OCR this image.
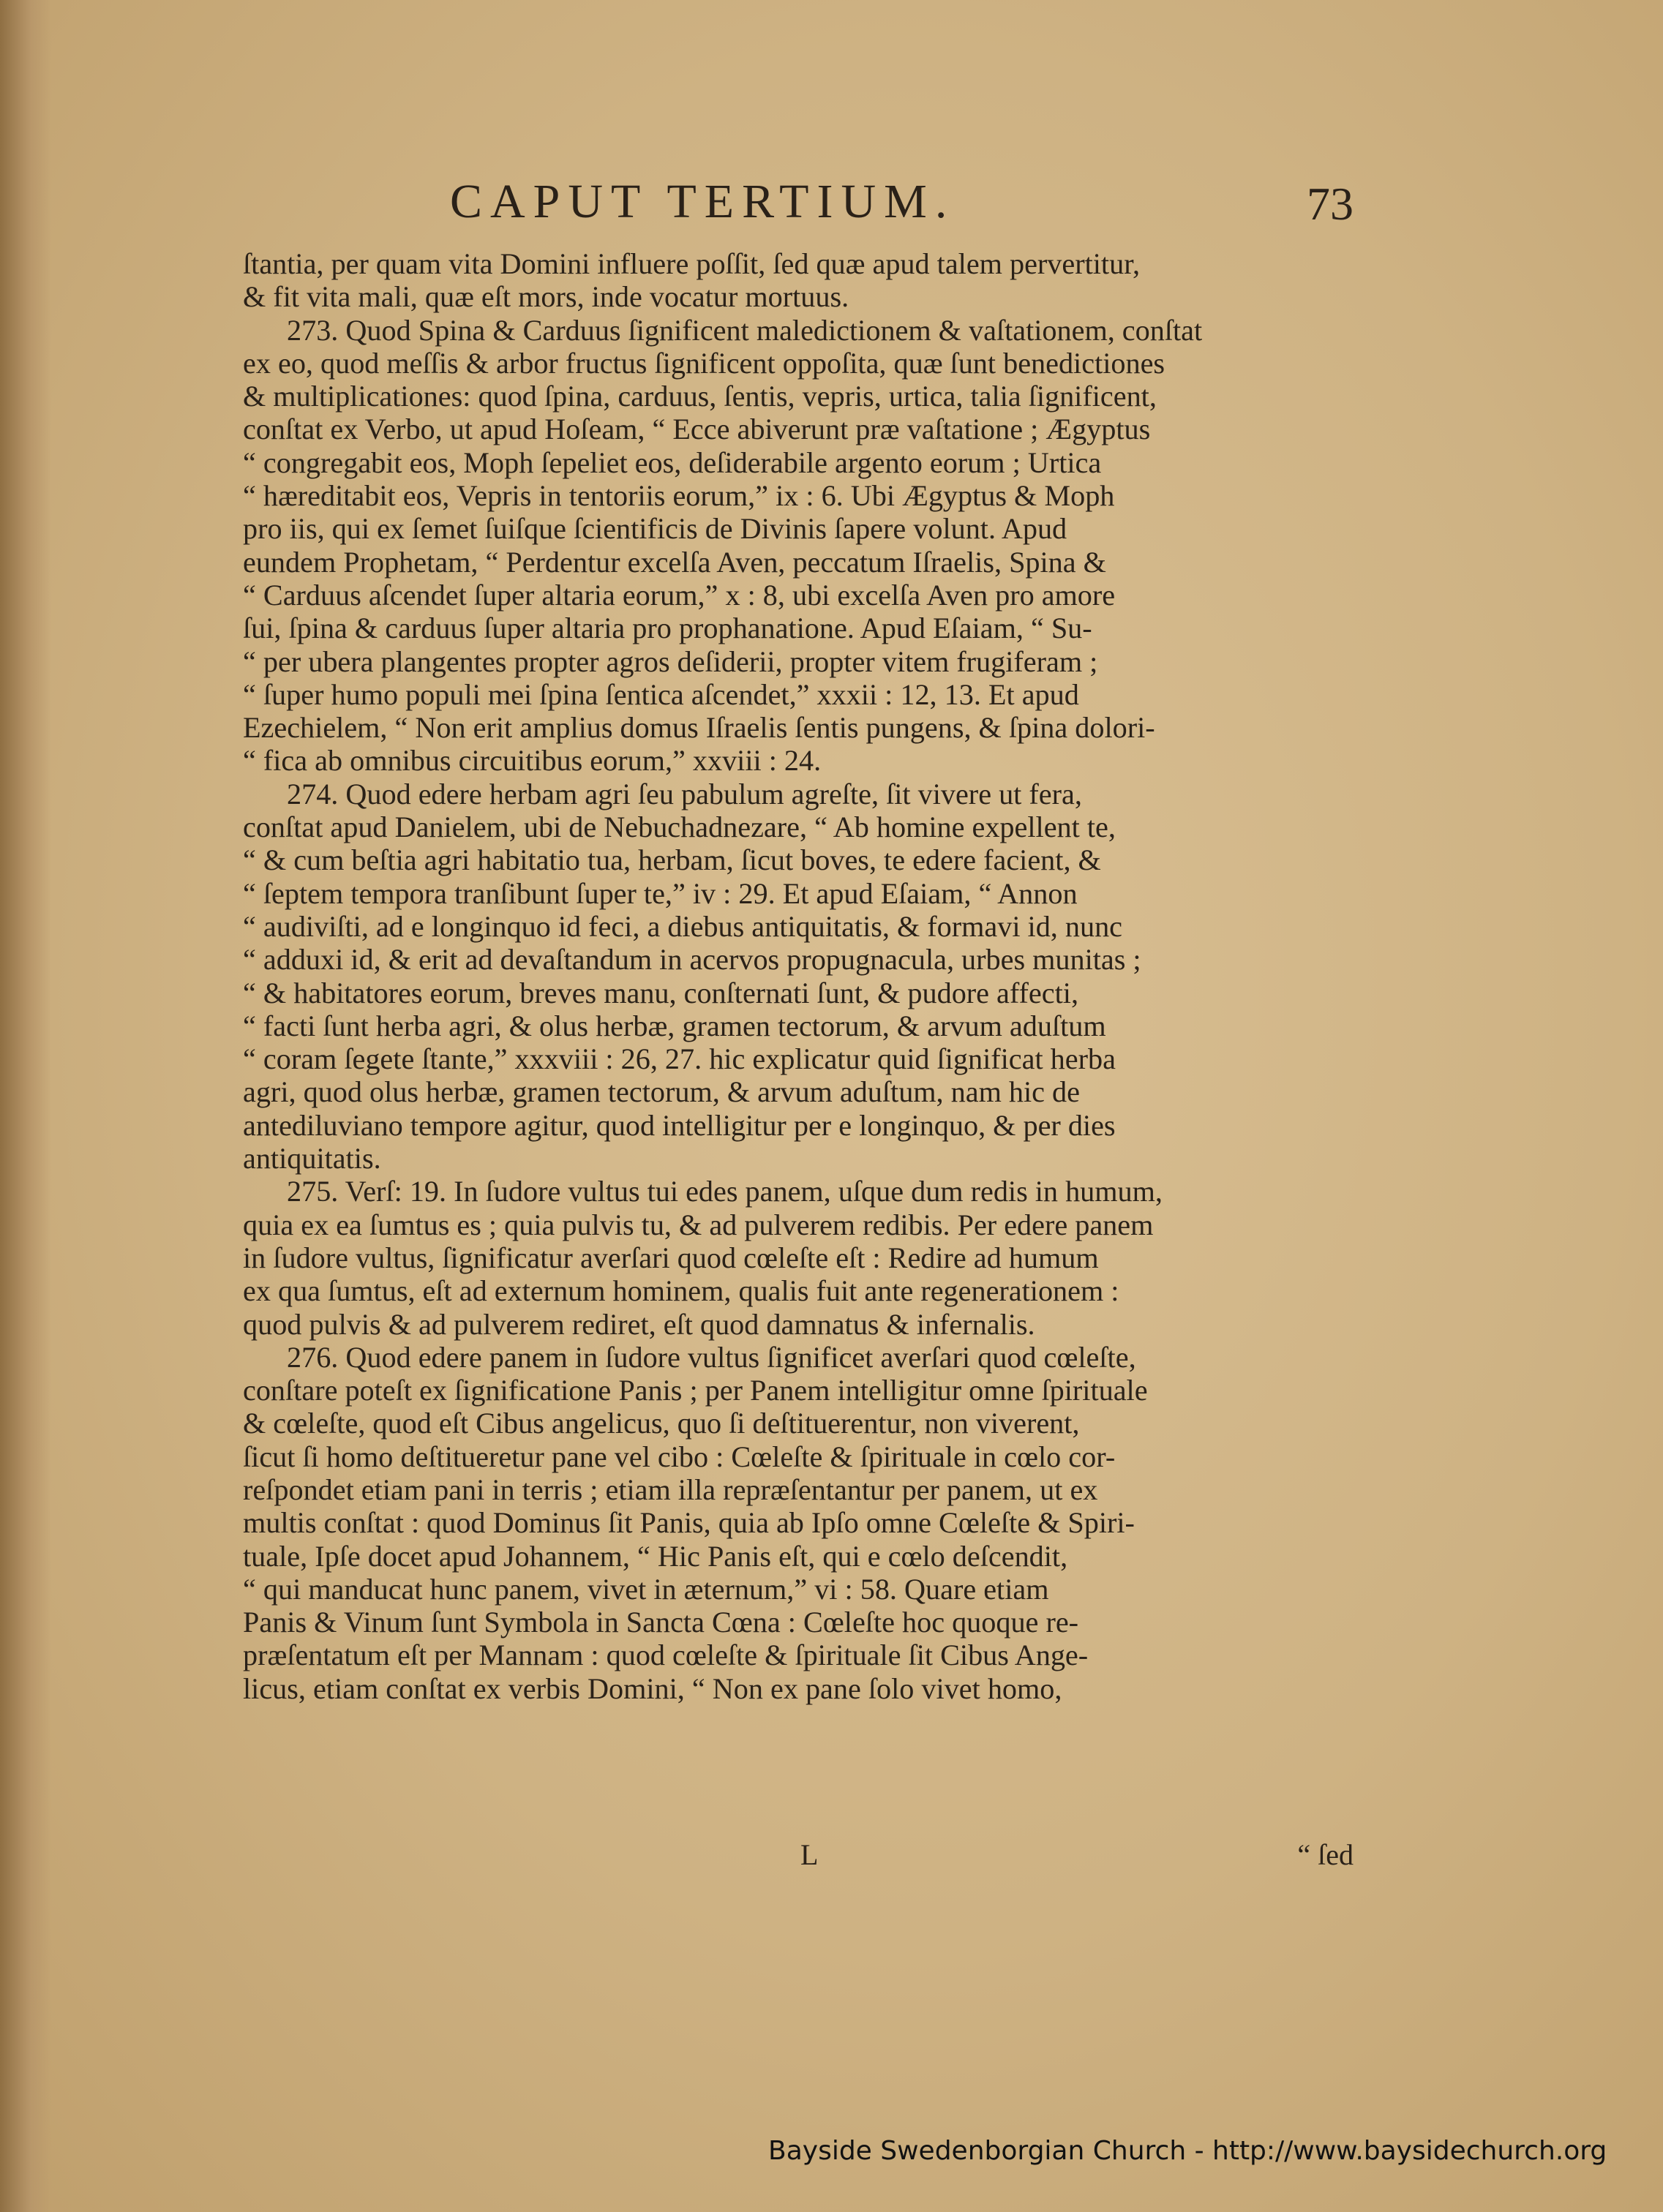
CAPUT TERTIUM.	73
ſtantia, per quam vita Domini influere poſſit, ſed quæ apud talem pervertitur,
& fit vita mali, quæ eſt mors, inde vocatur mortuus.
273. Quod Spina & Carduus ſignificent maledictionem & vaſtationem, conſtat
ex eo, quod meſſis & arbor fructus ſignificent oppoſita, quæ ſunt benedictiones
& multiplicationes: quod ſpina, carduus, ſentis, vepris, urtica, talia ſignificent,
conſtat ex Verbo, ut apud Hoſeam, “ Ecce abiverunt præ vaſtatione ; Ægyptus
“ congregabit eos, Moph ſepeliet eos, deſiderabile argento eorum ; Urtica
“ hæreditabit eos, Vepris in tentoriis eorum,” ix : 6. Ubi Ægyptus & Moph
pro iis, qui ex ſemet ſuiſque ſcientificis de Divinis ſapere volunt. Apud
eundem Prophetam, “ Perdentur excelſa Aven, peccatum Iſraelis, Spina &
“ Carduus aſcendet ſuper altaria eorum,” x : 8, ubi excelſa Aven pro amore
ſui, ſpina & carduus ſuper altaria pro prophanatione. Apud Eſaiam, “ Su-
“ per ubera plangentes propter agros deſiderii, propter vitem frugiferam ;
“ ſuper humo populi mei ſpina ſentica aſcendet,” xxxii : 12, 13. Et apud
Ezechielem, “ Non erit amplius domus Iſraelis ſentis pungens, & ſpina dolori-
“ fica ab omnibus circuitibus eorum,” xxviii : 24.
274. Quod edere herbam agri ſeu pabulum agreſte, ſit vivere ut fera,
conſtat apud Danielem, ubi de Nebuchadnezare, “ Ab homine expellent te,
“ & cum beſtia agri habitatio tua, herbam, ſicut boves, te edere facient, &
“ ſeptem tempora tranſibunt ſuper te,” iv : 29. Et apud Eſaiam, “ Annon
“ audiviſti, ad e longinquo id feci, a diebus antiquitatis, & formavi id, nunc
“ adduxi id, & erit ad devaſtandum in acervos propugnacula, urbes munitas ;
“ & habitatores eorum, breves manu, conſternati ſunt, & pudore affecti,
“ facti ſunt herba agri, & olus herbæ, gramen tectorum, & arvum aduſtum
“ coram ſegete ſtante,” xxxviii : 26, 27. hic explicatur quid ſignificat herba
agri, quod olus herbæ, gramen tectorum, & arvum aduſtum, nam hic de
antediluviano tempore agitur, quod intelligitur per e longinquo, & per dies
antiquitatis.
275. Verſ: 19. In ſudore vultus tui edes panem, uſque dum redis in humum,
quia ex ea ſumtus es ; quia pulvis tu, & ad pulverem redibis. Per edere panem
in ſudore vultus, ſignificatur averſari quod cœleſte eſt : Redire ad humum
ex qua ſumtus, eſt ad externum hominem, qualis fuit ante regenerationem :
quod pulvis & ad pulverem rediret, eſt quod damnatus & infernalis.
276. Quod edere panem in ſudore vultus ſignificet averſari quod cœleſte,
conſtare poteſt ex ſignificatione Panis ; per Panem intelligitur omne ſpirituale
& cœleſte, quod eſt Cibus angelicus, quo ſi deſtituerentur, non viverent,
ſicut ſi homo deſtitueretur pane vel cibo : Cœleſte & ſpirituale in cœlo cor-
reſpondet etiam pani in terris ; etiam illa repræſentantur per panem, ut ex
multis conſtat : quod Dominus ſit Panis, quia ab Ipſo omne Cœleſte & Spiri-
tuale, Ipſe docet apud Johannem, “ Hic Panis eſt, qui e cœlo deſcendit,
“ qui manducat hunc panem, vivet in æternum,” vi : 58. Quare etiam
Panis & Vinum ſunt Symbola in Sancta Cœna : Cœleſte hoc quoque re-
præſentatum eſt per Mannam : quod cœleſte & ſpirituale ſit Cibus Ange-
licus, etiam conſtat ex verbis Domini, “ Non ex pane ſolo vivet homo,
L	“ ſed
Bayside Swedenborgian Church - http://www.baysidechurch.org
